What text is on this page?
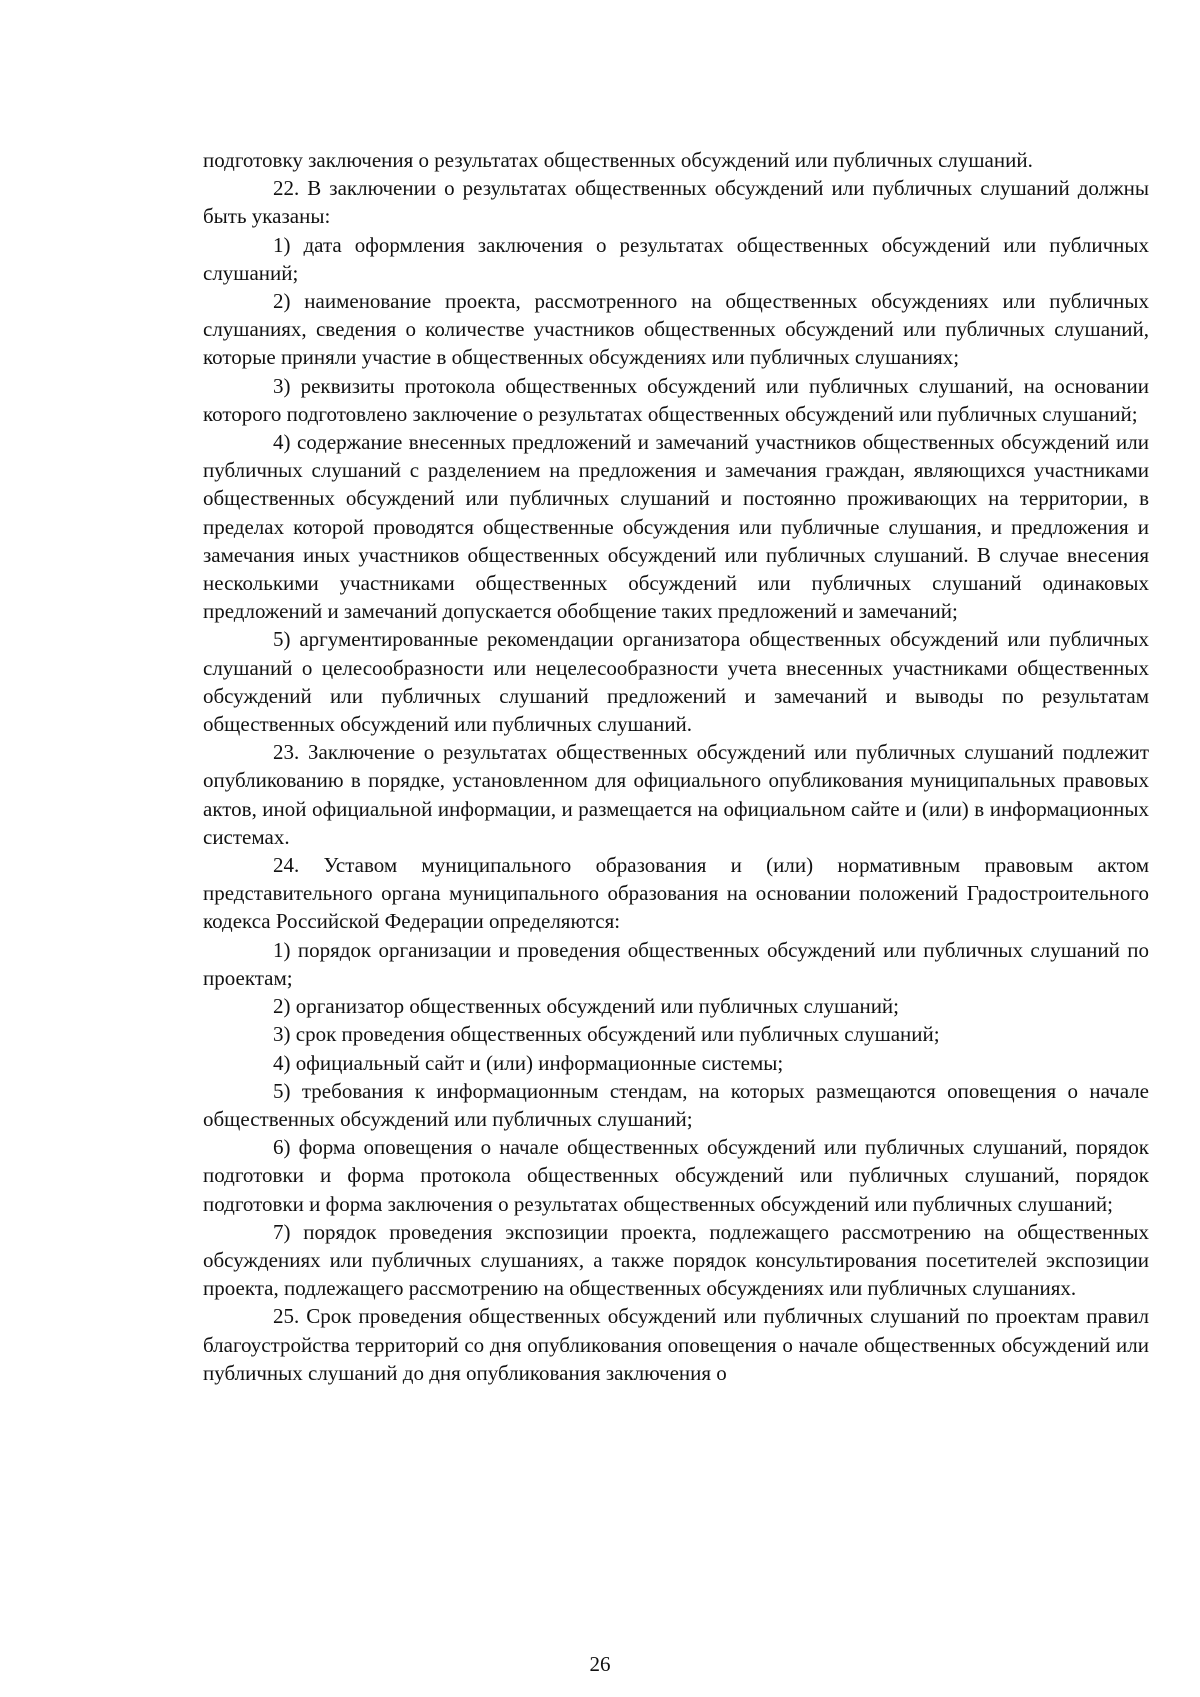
подготовку заключения о результатах общественных обсуждений или публичных слушаний.

22. В заключении о результатах общественных обсуждений или публичных слушаний должны быть указаны:

1) дата оформления заключения о результатах общественных обсуждений или публичных слушаний;

2) наименование проекта, рассмотренного на общественных обсуждениях или публичных слушаниях, сведения о количестве участников общественных обсуждений или публичных слушаний, которые приняли участие в общественных обсуждениях или публичных слушаниях;

3) реквизиты протокола общественных обсуждений или публичных слушаний, на основании которого подготовлено заключение о результатах общественных обсуждений или публичных слушаний;

4) содержание внесенных предложений и замечаний участников общественных обсуждений или публичных слушаний с разделением на предложения и замечания граждан, являющихся участниками общественных обсуждений или публичных слушаний и постоянно проживающих на территории, в пределах которой проводятся общественные обсуждения или публичные слушания, и предложения и замечания иных участников общественных обсуждений или публичных слушаний. В случае внесения несколькими участниками общественных обсуждений или публичных слушаний одинаковых предложений и замечаний допускается обобщение таких предложений и замечаний;

5) аргументированные рекомендации организатора общественных обсуждений или публичных слушаний о целесообразности или нецелесообразности учета внесенных участниками общественных обсуждений или публичных слушаний предложений и замечаний и выводы по результатам общественных обсуждений или публичных слушаний.

23. Заключение о результатах общественных обсуждений или публичных слушаний подлежит опубликованию в порядке, установленном для официального опубликования муниципальных правовых актов, иной официальной информации, и размещается на официальном сайте и (или) в информационных системах.

24. Уставом муниципального образования и (или) нормативным правовым актом представительного органа муниципального образования на основании положений Градостроительного кодекса Российской Федерации определяются:

1) порядок организации и проведения общественных обсуждений или публичных слушаний по проектам;

2) организатор общественных обсуждений или публичных слушаний;

3) срок проведения общественных обсуждений или публичных слушаний;

4) официальный сайт и (или) информационные системы;

5) требования к информационным стендам, на которых размещаются оповещения о начале общественных обсуждений или публичных слушаний;

6) форма оповещения о начале общественных обсуждений или публичных слушаний, порядок подготовки и форма протокола общественных обсуждений или публичных слушаний, порядок подготовки и форма заключения о результатах общественных обсуждений или публичных слушаний;

7) порядок проведения экспозиции проекта, подлежащего рассмотрению на общественных обсуждениях или публичных слушаниях, а также порядок консультирования посетителей экспозиции проекта, подлежащего рассмотрению на общественных обсуждениях или публичных слушаниях.

25. Срок проведения общественных обсуждений или публичных слушаний по проектам правил благоустройства территорий со дня опубликования оповещения о начале общественных обсуждений или публичных слушаний до дня опубликования заключения о

26
